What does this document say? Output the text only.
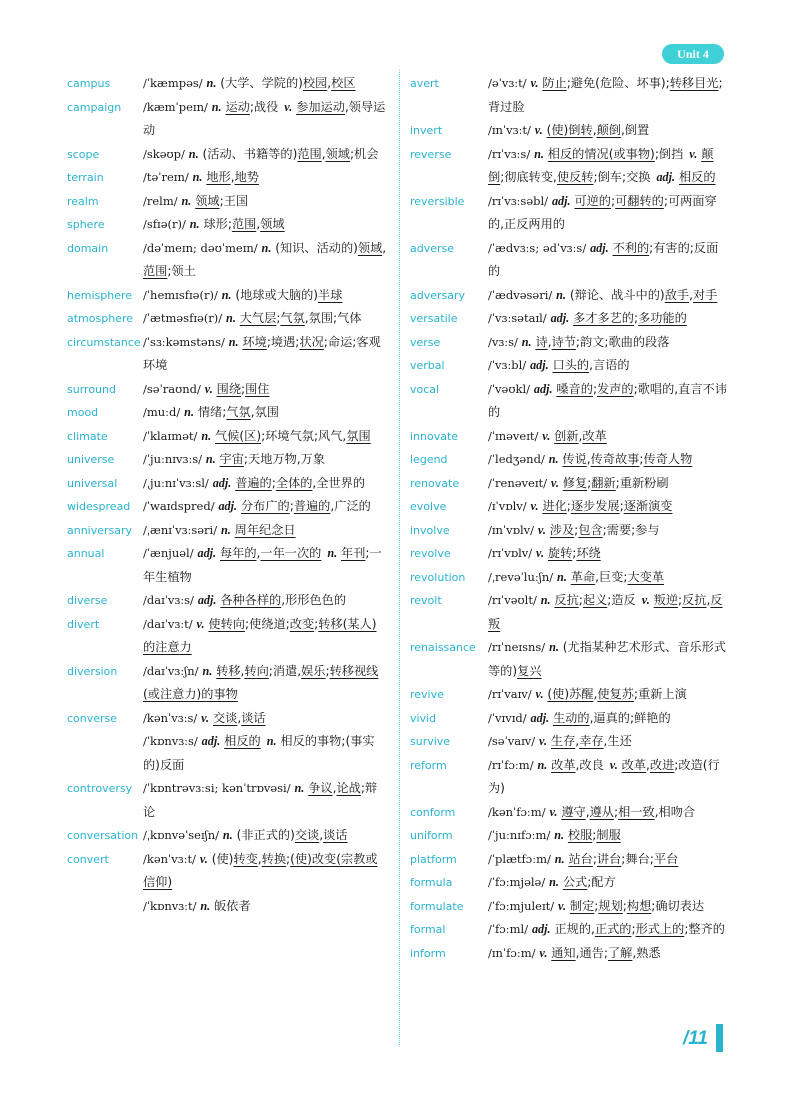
Unit 4
campus	/ˈkæmpəs/ n. (大学、学院的)校园,校区
campaign	/kæmˈpeɪn/ n. 运动;战役 v. 参加运动,领导运动
scope	/skəʊp/ n. (活动、书籍等的)范围,领域;机会
terrain	/təˈreɪn/ n. 地形,地势
realm	/relm/ n. 领域;王国
sphere	/sfɪə(r)/ n. 球形;范围,领域
domain	/dəˈmeɪn; dəʊˈmeɪn/ n. (知识、活动的)领域,范围;领土
hemisphere /ˈhemɪsfɪə(r)/ n. (地球或大脑的)半球
atmosphere /ˈætməsfɪə(r)/ n. 大气层;气氛,氛围;气体
circumstance /ˈsɜːkəmstəns/ n. 环境;境遇;状况;命运;客观环境
surround	/səˈraʊnd/ v. 围绕;围住
mood	/muːd/ n. 情绪;气氛,氛围
climate	/ˈklaɪmət/ n. 气候(区);环境气氛;风气,氛围
universe	/ˈjuːnɪvɜːs/ n. 宇宙;天地万物,万象
universal	/ˌjuːnɪˈvɜːsl/ adj. 普遍的;全体的,全世界的
widespread	/ˈwaɪdspred/ adj. 分布广的;普遍的,广泛的
anniversary /ˌænɪˈvɜːsəri/ n. 周年纪念日
annual	/ˈænjuəl/ adj. 每年的,一年一次的 n. 年刊;一年生植物
diverse	/daɪˈvɜːs/ adj. 各种各样的,形形色色的
divert	/daɪˈvɜːt/ v. 使转向;使绕道;改变;转移(某人)的注意力
diversion	/daɪˈvɜːʃn/ n. 转移,转向;消遣,娱乐;转移视线(或注意力)的事物
converse	/kənˈvɜːs/ v. 交谈,谈话
/ˈkɒnvɜːs/ adj. 相反的 n. 相反的事物;(事实的)反面
controversy /ˈkɒntrəvɜːsi; kənˈtrɒvəsi/ n. 争议,论战;辩论
conversation /ˌkɒnvəˈseɪʃn/ n. (非正式的)交谈,谈话
convert	/kənˈvɜːt/ v. (使)转变,转换;(使)改变(宗教或信仰)
/ˈkɒnvɜːt/ n. 皈依者
avert	/əˈvɜːt/ v. 防止;避免(危险、坏事);转移目光;背过脸
invert	/ɪnˈvɜːt/ v. (使)倒转,颠倒,倒置
reverse	/rɪˈvɜːs/ n. 相反的情况(或事物);倒挡 v. 颠倒;彻底转变,使反转;倒车;交换 adj. 相反的
reversible	/rɪˈvɜːsəbl/ adj. 可逆的;可翻转的;可两面穿的,正反两用的
adverse	/ˈædvɜːs; ədˈvɜːs/ adj. 不利的;有害的;反面的
adversary	/ˈædvəsəri/ n. (辩论、战斗中的)敌手,对手
versatile	/ˈvɜːsətaɪl/ adj. 多才多艺的;多功能的
verse	/vɜːs/ n. 诗,诗节;韵文;歌曲的段落
verbal	/ˈvɜːbl/ adj. 口头的,言语的
vocal	/ˈvəʊkl/ adj. 嗓音的;发声的;歌唱的,直言不讳的
innovate	/ˈɪnəveɪt/ v. 创新,改革
legend	/ˈledʒənd/ n. 传说,传奇故事;传奇人物
renovate	/ˈrenəveɪt/ v. 修复;翻新;重新粉刷
evolve	/ɪˈvɒlv/ v. 进化;逐步发展;逐渐演变
involve	/ɪnˈvɒlv/ v. 涉及;包含;需要;参与
revolve	/rɪˈvɒlv/ v. 旋转;环绕
revolution	/ˌrevəˈluːʃn/ n. 革命,巨变;大变革
revolt	/rɪˈvəʊlt/ n. 反抗;起义;造反 v. 叛逆;反抗,反叛
renaissance	/rɪˈneɪsns/ n. (尤指某种艺术形式、音乐形式等的)复兴
revive	/rɪˈvaɪv/ v. (使)苏醒,使复苏;重新上演
vivid	/ˈvɪvɪd/ adj. 生动的,逼真的;鲜艳的
survive	/səˈvaɪv/ v. 生存,幸存,生还
reform	/rɪˈfɔːm/ n. 改革,改良 v. 改革,改进;改造(行为)
conform	/kənˈfɔːm/ v. 遵守,遵从;相一致,相吻合
uniform	/ˈjuːnɪfɔːm/ n. 校服;制服
platform	/ˈplætfɔːm/ n. 站台;讲台;舞台;平台
formula	/ˈfɔːmjələ/ n. 公式;配方
formulate	/ˈfɔːmjuleɪt/ v. 制定;规划;构想;确切表达
formal	/ˈfɔːml/ adj. 正规的,正式的;形式上的;整齐的
inform	/ɪnˈfɔːm/ v. 通知,通告;了解,熟悉
/11
